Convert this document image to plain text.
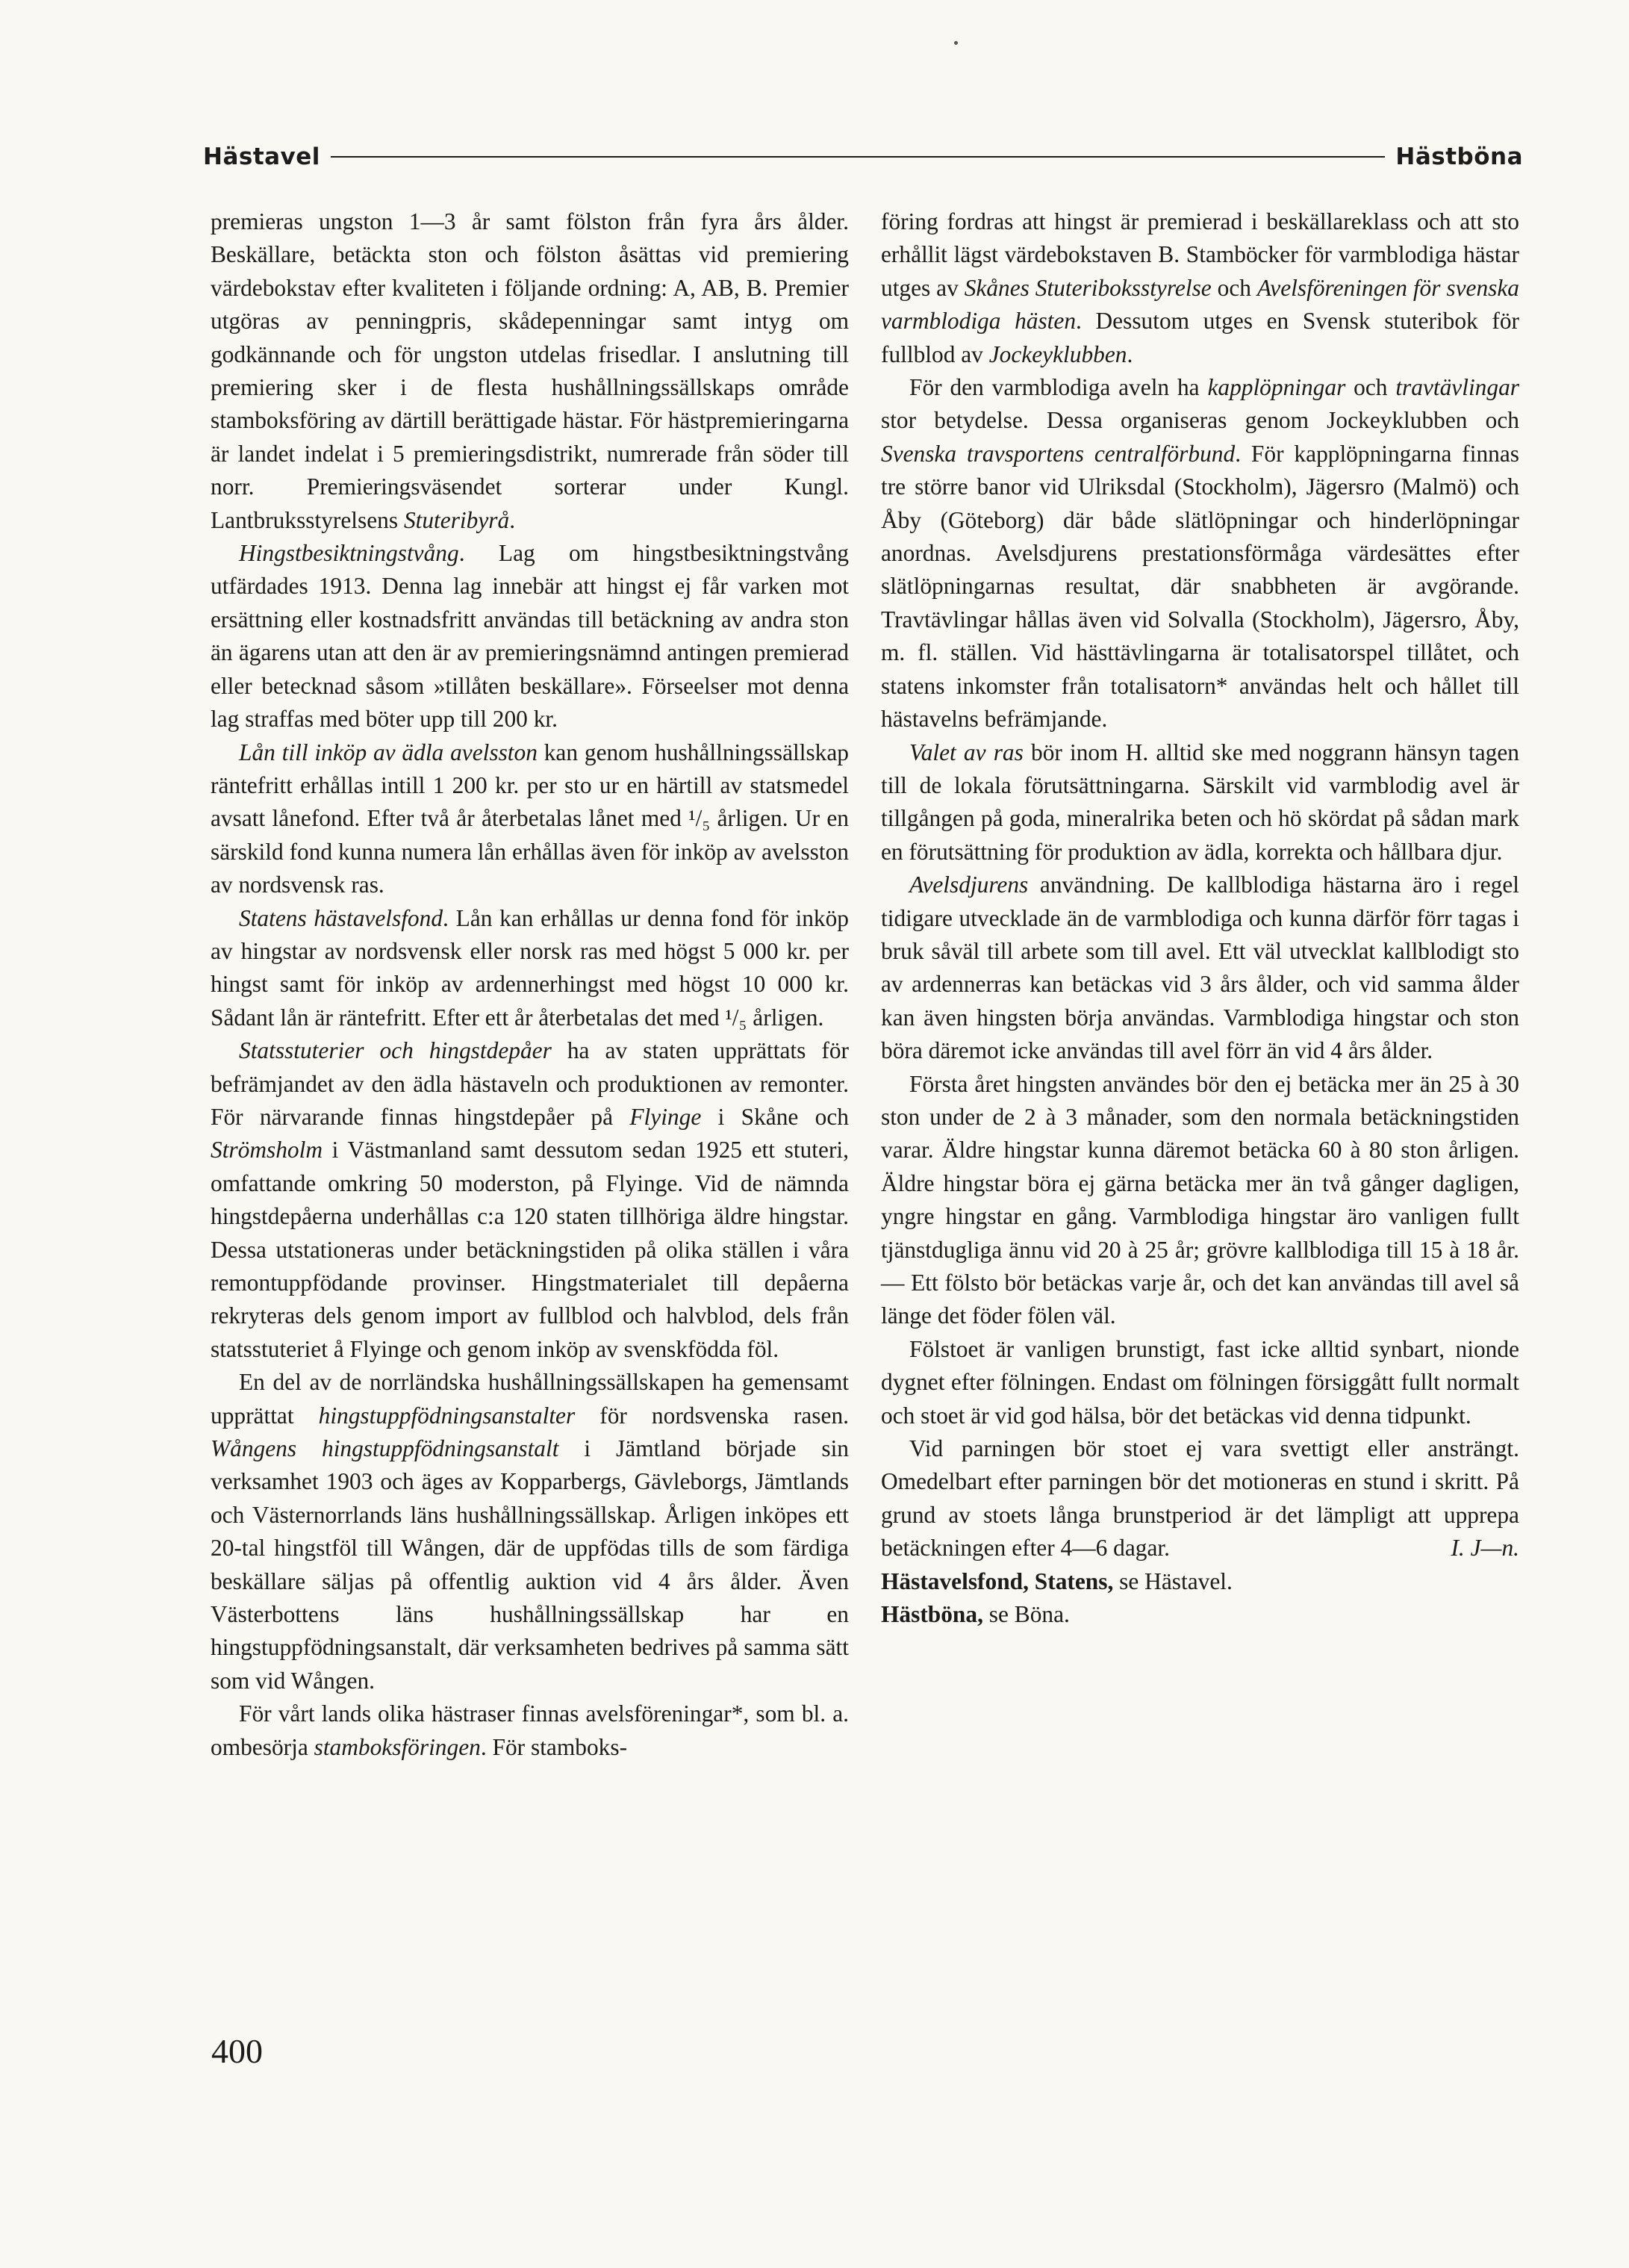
Hästavel	Hästböna

premieras ungston 1—3 år samt fölston från fyra års ålder. Beskällare, betäckta ston och fölston åsättas vid premiering värdebokstav efter kvaliteten i följande ordning: A, AB, B. Premier utgöras av penningpris, skådepenningar samt intyg om godkännande och för ungston utdelas frisedlar. I anslutning till premiering sker i de flesta hushållningssällskaps område stamboksföring av därtill berättigade hästar. För hästpremieringarna är landet indelat i 5 premieringsdistrikt, numrerade från söder till norr. Premieringsväsendet sorterar under Kungl. Lantbruksstyrelsens Stuteribyrå.

Hingstbesiktningstvång. Lag om hingstbesiktningstvång utfärdades 1913. Denna lag innebär att hingst ej får varken mot ersättning eller kostnadsfritt användas till betäckning av andra ston än ägarens utan att den är av premieringsnämnd antingen premierad eller betecknad såsom »tillåten beskällare». Förseelser mot denna lag straffas med böter upp till 200 kr.

Lån till inköp av ädla avelsston kan genom hushållningssällskap räntefritt erhållas intill 1 200 kr. per sto ur en härtill av statsmedel avsatt lånefond. Efter två år återbetalas lånet med ¹/₅ årligen. Ur en särskild fond kunna numera lån erhållas även för inköp av avelsston av nordsvensk ras.

Statens hästavelsfond. Lån kan erhållas ur denna fond för inköp av hingstar av nordsvensk eller norsk ras med högst 5 000 kr. per hingst samt för inköp av ardennerhingst med högst 10 000 kr. Sådant lån är räntefritt. Efter ett år återbetalas det med ¹/₅ årligen.

Statsstuterier och hingstdepåer ha av staten upprättats för befrämjandet av den ädla hästaveln och produktionen av remonter. För närvarande finnas hingstdepåer på Flyinge i Skåne och Strömsholm i Västmanland samt dessutom sedan 1925 ett stuteri, omfattande omkring 50 moderston, på Flyinge. Vid de nämnda hingstdepåerna underhållas c:a 120 staten tillhöriga äldre hingstar. Dessa utstationeras under betäckningstiden på olika ställen i våra remontuppfödande provinser. Hingstmaterialet till depåerna rekryteras dels genom import av fullblod och halvblod, dels från statsstuteriet å Flyinge och genom inköp av svenskfödda föl.

En del av de norrländska hushållningssällskapen ha gemensamt upprättat hingstuppfödningsanstalter för nordsvenska rasen. Wångens hingstuppfödningsanstalt i Jämtland började sin verksamhet 1903 och äges av Kopparbergs, Gävleborgs, Jämtlands och Västernorrlands läns hushållningssällskap. Årligen inköpes ett 20-tal hingstföl till Wången, där de uppfödas tills de som färdiga beskällare säljas på offentlig auktion vid 4 års ålder. Även Västerbottens läns hushållningssällskap har en hingstuppfödningsanstalt, där verksamheten bedrives på samma sätt som vid Wången.

För vårt lands olika hästraser finnas avelsföreningar*, som bl. a. ombesörja stamboksföringen. För stamboks-

föring fordras att hingst är premierad i beskällareklass och att sto erhållit lägst värdebokstaven B. Stamböcker för varmblodiga hästar utges av Skånes Stuteriboksstyrelse och Avelsföreningen för svenska varmblodiga hästen. Dessutom utges en Svensk stuteribok för fullblod av Jockeyklubben.

För den varmblodiga aveln ha kapplöpningar och travtävlingar stor betydelse. Dessa organiseras genom Jockeyklubben och Svenska travsportens centralförbund. För kapplöpningarna finnas tre större banor vid Ulriksdal (Stockholm), Jägersro (Malmö) och Åby (Göteborg) där både slätlöpningar och hinderlöpningar anordnas. Avelsdjurens prestationsförmåga värdesättes efter slätlöpningarnas resultat, där snabbheten är avgörande. Travtävlingar hållas även vid Solvalla (Stockholm), Jägersro, Åby, m. fl. ställen. Vid hästtävlingarna är totalisatorspel tillåtet, och statens inkomster från totalisatorn* användas helt och hållet till hästavelns befrämjande.

Valet av ras bör inom H. alltid ske med noggrann hänsyn tagen till de lokala förutsättningarna. Särskilt vid varmblodig avel är tillgången på goda, mineralrika beten och hö skördat på sådan mark en förutsättning för produktion av ädla, korrekta och hållbara djur.

Avelsdjurens användning. De kallblodiga hästarna äro i regel tidigare utvecklade än de varmblodiga och kunna därför förr tagas i bruk såväl till arbete som till avel. Ett väl utvecklat kallblodigt sto av ardennerras kan betäckas vid 3 års ålder, och vid samma ålder kan även hingsten börja användas. Varmblodiga hingstar och ston böra däremot icke användas till avel förr än vid 4 års ålder.

Första året hingsten användes bör den ej betäcka mer än 25 à 30 ston under de 2 à 3 månader, som den normala betäckningstiden varar. Äldre hingstar kunna däremot betäcka 60 à 80 ston årligen. Äldre hingstar böra ej gärna betäcka mer än två gånger dagligen, yngre hingstar en gång. Varmblodiga hingstar äro vanligen fullt tjänstdugliga ännu vid 20 à 25 år; grövre kallblodiga till 15 à 18 år. — Ett fölsto bör betäckas varje år, och det kan användas till avel så länge det föder fölen väl.

Fölstoet är vanligen brunstigt, fast icke alltid synbart, nionde dygnet efter fölningen. Endast om fölningen försiggått fullt normalt och stoet är vid god hälsa, bör det betäckas vid denna tidpunkt.

Vid parningen bör stoet ej vara svettigt eller ansträngt. Omedelbart efter parningen bör det motioneras en stund i skritt. På grund av stoets långa brunstperiod är det lämpligt att upprepa betäckningen efter 4—6 dagar.	I. J—n.

Hästavelsfond, Statens, se Hästavel.

Hästböna, se Böna.

400
